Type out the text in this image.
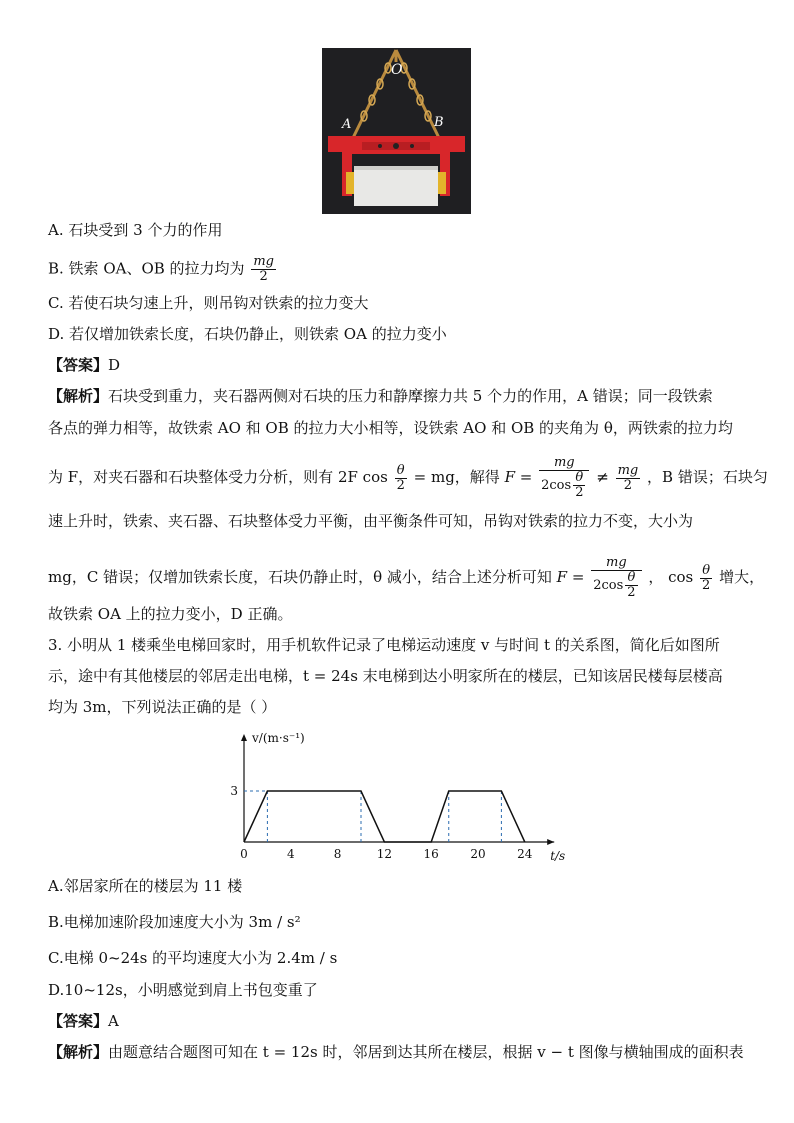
O
A	B
A. 石块受到 3 个力的作用
B. 铁索 OA、OB 的拉力均为 $\frac{mg}{2}$
C. 若使石块匀速上升，则吊钩对铁索的拉力变大
D. 若仅增加铁索长度，石块仍静止，则铁索 OA 的拉力变小
【答案】D
【解析】石块受到重力，夹石器两侧对石块的压力和静摩擦力共 5 个力的作用，A 错误；同一段铁索
各点的弹力相等，故铁索 AO 和 OB 的拉力大小相等，设铁索 AO 和 OB 的夹角为 θ，两铁索的拉力均
为 F，对夹石器和石块整体受力分析，则有 2F $\cos \frac{\theta}{2}$ = mg，解得 $F = \frac{mg}{2\cos \frac{\theta}{2}} \ne \frac{mg}{2}$ ，B 错误；石块匀
速上升时，铁索、夹石器、石块整体受力平衡，由平衡条件可知，吊钩对铁索的拉力不变，大小为
mg，C 错误；仅增加铁索长度，石块仍静止时，θ 减小，结合上述分析可知 $F = \frac{mg}{2\cos \frac{\theta}{2}}$ ， $\cos \frac{\theta}{2}$ 增大，
故铁索 OA 上的拉力变小，D 正确。
3. 小明从 1 楼乘坐电梯回家时，用手机软件记录了电梯运动速度 v 与时间 t 的关系图，简化后如图所
示，途中有其他楼层的邻居走出电梯，t = 24s 末电梯到达小明家所在的楼层，已知该居民楼每层楼高
均为 3m，下列说法正确的是（ ）
0	4	8	12	16	20	24
3
v/(m·s⁻¹)
t/s
A.邻居家所在的楼层为 11 楼
B.电梯加速阶段加速度大小为 3m / s²
C.电梯 0~24s 的平均速度大小为 2.4m / s
D.10~12s，小明感觉到肩上书包变重了
【答案】A
【解析】由题意结合题图可知在 t = 12s 时，邻居到达其所在楼层，根据 v − t 图像与横轴围成的面积表
